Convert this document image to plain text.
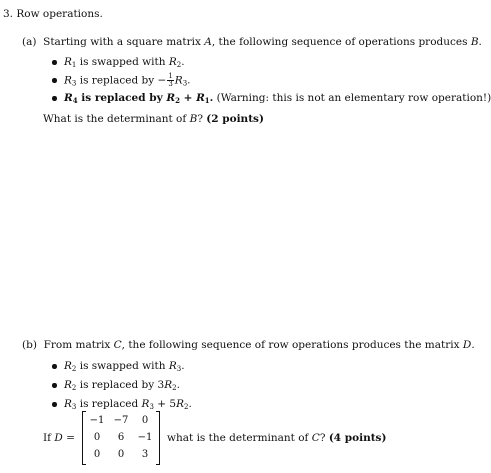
3. Row operations.
(a) Starting with a square matrix A, the following sequence of operations produces B.
$R_1$ is swapped with $R_2$.
$R_3$ is replaced by − $\frac{1}{3} R_3$.
$R_4$ is replaced by $R_2 + R_1$. (Warning: this is not an elementary row operation!)
What is the determinant of B? (2 points)
(b) From matrix C, the following sequence of row operations produces the matrix D.
$R_2$ is swapped with $R_3$.
$R_2$ is replaced by $3R_2$.
$R_3$ is replaced $R_3 + 5R_2$.
If D =
−1 −7	0
0	6	−1
0	0	3
what is the determinant of C? (4 points)
